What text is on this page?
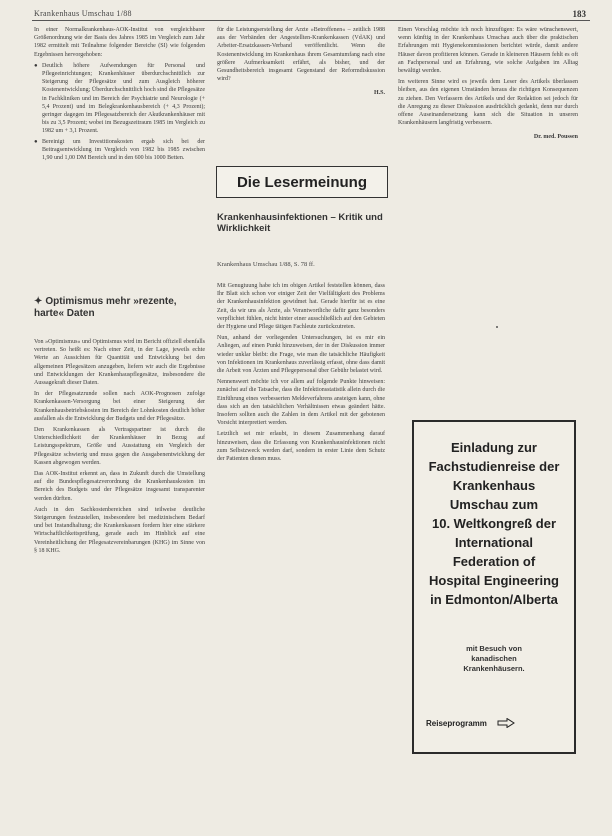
Krankenhaus Umschau 1/88	183

In einer Normalkrankenhaus-AOK-Institut von vergleichbarer Größenordnung wie der Basis des Jahres 1985 im Vergleich zum Jahr 1982 ermittelt mit Teilnahme folgender Bereiche (SI) wie folgenden Ergebnissen hervorgehoben:

● Deutlich höhere Aufwendungen für Personal und Pflegeeinrichtungen; Krankenhäuser überdurchschnittlich zur Steigerung der Pflegesätze und zum Ausgleich höherer Kostenentwicklung; Überdurchschnittlich hoch sind die Pflegesätze in Fachkliniken und im Bereich der Psychiatrie und Neurologie (+ 5,4 Prozent) und im Belegkrankenhausbereich (+ 4,3 Prozent); geringer dagegen im Pflegesatzbereich der Akutkrankenhäuser mit bis zu 3,5 Prozent; wobei im Bezugszeitraum 1985 im Vergleich zu 1982 um + 3,1 Prozent.
● Bereinigt um Investitionskosten ergab sich bei der Beitragsentwicklung im Vergleich von 1982 bis 1985 zwischen 1,90 und 1,00 DM Bereich und in den 600 bis 1000 Betten.
✦ Optimismus mehr »rezente, harte« Daten

Von »Optimismus« und Optimismus wird im Bericht offiziell ebenfalls vertreten. So heißt es: Nach einer Zeit, in der Lage, jeweils echte Werte an Aussichten für Quantität und Entwicklung bei den allgemeinen Pflegesätzen anzugeben, liefern wir auch die Ergebnisse und Entwicklungen der Krankenhauspflegesätze, insbesondere die Aussagekraft dieser Daten.

In der Pflegesatzrunde sollen nach AOK-Prognosen zufolge Krankenkassen-Versorgung bei einer Steigerung der Krankenhausbetriebskosten im Bereich der Lohnkosten deutlich höher ausfallen als die Entwicklung der Budgets und der Pflegesätze.

Den Krankenkassen als Vertragspartner ist durch die Unterschiedlichkeit der Krankenhäuser in Bezug auf Leistungsspektrum, Größe und Ausstattung ein Vergleich der Pflegesätze schwierig und muss gegen die Ausgabenentwicklung der Kassen abgewogen werden.

Das AOK-Institut erkennt an, dass in Zukunft durch die Umstellung auf die Bundespflegesatzverordnung die Krankenhauskosten im Bereich des Budgets und der Pflegesätze insgesamt transparenter werden dürften.

Auch in den Sachkostenbereichen sind teilweise deutliche Steigerungen festzustellen, insbesondere bei medizinischem Bedarf und bei Instandhaltung; die Krankenkassen fordern hier eine stärkere Wirtschaftlichkeitsprüfung, gerade auch im Hinblick auf eine Vereinheitlichung der Pflegesatzvereinbarungen (KHG) im Sinne von § 18 KHG.

für die Leistungserstellung der Arzte »Betroffenen« – zeitlich 1988 aus der Verbänden der Angestellten-Krankenkassen (VdAK) und Arbeiter-Ersatzkassen-Verband veröffentlicht. Wenn die Kostenentwicklung im Krankenhaus ihrem Gesamtumfang nach eine größere Aufmerksamkeit erfährt, als bisher, und der Gesundheitsbereich insgesamt Gegenstand der Reformdiskussion wird?

H.S.
Die Lesermeinung
Krankenhausinfektionen – Kritik und Wirklichkeit
Krankenhaus Umschau 1/88, S. 78 ff.

Mit Genugtuung habe ich im obigen Artikel feststellen können, dass Ihr Blatt sich schon vor einiger Zeit der Vielfältigkeit des Problems der Krankenhausinfektion gewidmet hat. Gerade hierfür ist es eine Zeit, da wir uns als Ärzte, als Verantwortliche dafür ganz besonders verpflichtet fühlen, nicht hinter einer ausschließlich auf den Gebieten der Hygiene und Pflege tätigen Fachleute zurückzutreten.

Nun, anhand der vorliegenden Untersuchungen, ist es mir ein Anliegen, auf einen Punkt hinzuweisen, der in der Diskussion immer wieder unklar bleibt: die Frage, wie man die tatsächliche Häufigkeit von Infektionen im Krankenhaus zuverlässig erfasst, ohne dass damit die Arbeit von Ärzten und Pflegepersonal über Gebühr belastet wird.

Nennenswert möchte ich vor allem auf folgende Punkte hinweisen: zunächst auf die Tatsache, dass die Infektionsstatistik allein durch die Einführung eines verbesserten Meldeverfahrens ansteigen kann, ohne dass sich an den tatsächlichen Verhältnissen etwas geändert hätte. Insofern sollten auch die Zahlen in dem Artikel mit der gebotenen Vorsicht interpretiert werden.

Letztlich sei mir erlaubt, in diesem Zusammenhang darauf hinzuweisen, dass die Erfassung von Krankenhausinfektionen nicht zum Selbstzweck werden darf, sondern in erster Linie dem Schutz der Patienten dienen muss.

Einen Vorschlag möchte ich noch hinzufügen: Es wäre wünschenswert, wenn künftig in der Krankenhaus Umschau auch über die praktischen Erfahrungen mit Hygienekommissionen berichtet würde, damit andere Häuser davon profitieren können. Gerade in kleineren Häusern fehlt es oft an Fachpersonal und an Erfahrung, wie solche Aufgaben im Alltag bewältigt werden.

Im weiteren Sinne wird es jeweils dem Leser des Artikels überlassen bleiben, aus den eigenen Umständen heraus die richtigen Konsequenzen zu ziehen. Den Verfassern des Artikels und der Redaktion sei jedoch für die Anregung zu dieser Diskussion ausdrücklich gedankt, denn nur durch offene Auseinandersetzung kann sich die Situation in unseren Krankenhäusern langfristig verbessern.

Dr. med. Poussen
Einladung zur
Fachstudienreise der
Krankenhaus
Umschau zum
10. Weltkongreß der
International
Federation of
Hospital Engineering
in Edmonton/Alberta
mit Besuch von
kanadischen
Krankenhäusern.
Reiseprogramm
